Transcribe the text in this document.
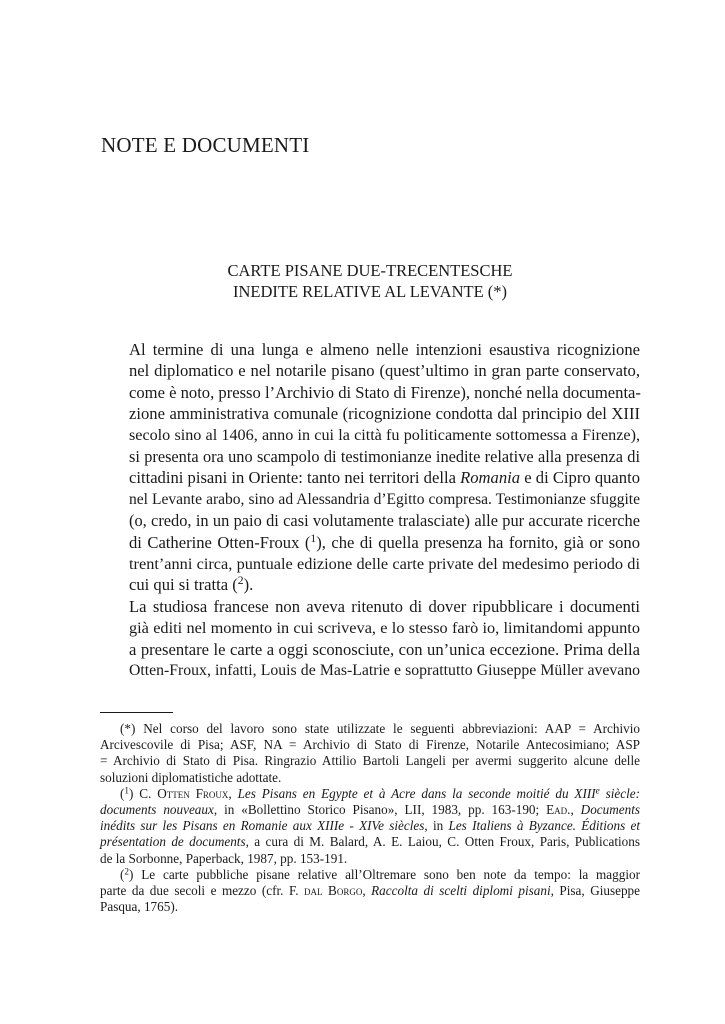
NOTE E DOCUMENTI
CARTE PISANE DUE-TRECENTESCHE
INEDITE RELATIVE AL LEVANTE (*)

Al termine di una lunga e almeno nelle intenzioni esaustiva ricognizione
nel diplomatico e nel notarile pisano (quest’ultimo in gran parte conservato,
come è noto, presso l’Archivio di Stato di Firenze), nonché nella documenta-
zione amministrativa comunale (ricognizione condotta dal principio del XIII
secolo sino al 1406, anno in cui la città fu politicamente sottomessa a Firenze),
si presenta ora uno scampolo di testimonianze inedite relative alla presenza di
cittadini pisani in Oriente: tanto nei territori della Romania e di Cipro quanto
nel Levante arabo, sino ad Alessandria d’Egitto compresa. Testimonianze sfuggite
(o, credo, in un paio di casi volutamente tralasciate) alle pur accurate ricerche
di Catherine Otten-Froux ($^1$), che di quella presenza ha fornito, già or sono
trent’anni circa, puntuale edizione delle carte private del medesimo periodo di
cui qui si tratta ($^2$).

La studiosa francese non aveva ritenuto di dover ripubblicare i documenti
già editi nel momento in cui scriveva, e lo stesso farò io, limitandomi appunto
a presentare le carte a oggi sconosciute, con un’unica eccezione. Prima della
Otten-Froux, infatti, Louis de Mas-Latrie e soprattutto Giuseppe Müller avevano

(*) Nel corso del lavoro sono state utilizzate le seguenti abbreviazioni: AAP = Archivio
Arcivescovile di Pisa; ASF, NA = Archivio di Stato di Firenze, Notarile Antecosimiano; ASP
= Archivio di Stato di Pisa. Ringrazio Attilio Bartoli Langeli per avermi suggerito alcune delle
soluzioni diplomatistiche adottate.

($^1$) C. Otten Froux, Les Pisans en Egypte et à Acre dans la seconde moitié du XIIIe siècle:
documents nouveaux, in «Bollettino Storico Pisano», LII, 1983, pp. 163-190; Ead., Documents
inédits sur les Pisans en Romanie aux XIIIe - XIVe siècles, in Les Italiens à Byzance. Éditions et
présentation de documents, a cura di M. Balard, A. E. Laiou, C. Otten Froux, Paris, Publications
de la Sorbonne, Paperback, 1987, pp. 153-191.

($^2$) Le carte pubbliche pisane relative all’Oltremare sono ben note da tempo: la maggior
parte da due secoli e mezzo (cfr. F. dal Borgo, Raccolta di scelti diplomi pisani, Pisa, Giuseppe
Pasqua, 1765).
